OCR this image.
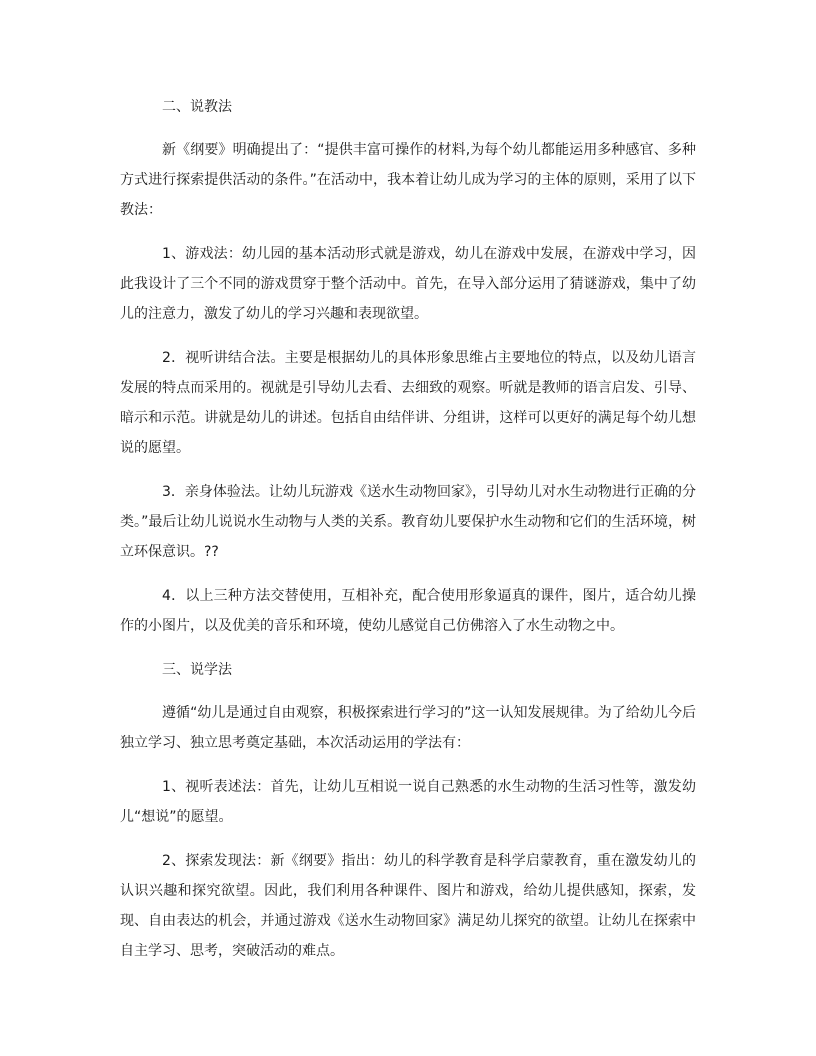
二、说教法

新《纲要》明确提出了：“提供丰富可操作的材料,为每个幼儿都能运用多种感官、多种方式进行探索提供活动的条件。”在活动中，我本着让幼儿成为学习的主体的原则，采用了以下教法：

1、游戏法：幼儿园的基本活动形式就是游戏，幼儿在游戏中发展，在游戏中学习，因此我设计了三个不同的游戏贯穿于整个活动中。首先，在导入部分运用了猜谜游戏，集中了幼儿的注意力，激发了幼儿的学习兴趣和表现欲望。

2．视听讲结合法。主要是根据幼儿的具体形象思维占主要地位的特点，以及幼儿语言发展的特点而采用的。视就是引导幼儿去看、去细致的观察。听就是教师的语言启发、引导、暗示和示范。讲就是幼儿的讲述。包括自由结伴讲、分组讲，这样可以更好的满足每个幼儿想说的愿望。

3．亲身体验法。让幼儿玩游戏《送水生动物回家》，引导幼儿对水生动物进行正确的分类。”最后让幼儿说说水生动物与人类的关系。教育幼儿要保护水生动物和它们的生活环境，树立环保意识。??

4．以上三种方法交替使用，互相补充，配合使用形象逼真的课件，图片，适合幼儿操作的小图片，以及优美的音乐和环境，使幼儿感觉自己仿佛溶入了水生动物之中。

三、说学法

遵循“幼儿是通过自由观察，积极探索进行学习的”这一认知发展规律。为了给幼儿今后独立学习、独立思考奠定基础，本次活动运用的学法有：

1、视听表述法：首先，让幼儿互相说一说自己熟悉的水生动物的生活习性等，激发幼儿“想说”的愿望。

2、探索发现法：新《纲要》指出：幼儿的科学教育是科学启蒙教育，重在激发幼儿的认识兴趣和探究欲望。因此，我们利用各种课件、图片和游戏，给幼儿提供感知，探索，发现、自由表达的机会，并通过游戏《送水生动物回家》满足幼儿探究的欲望。让幼儿在探索中自主学习、思考，突破活动的难点。
